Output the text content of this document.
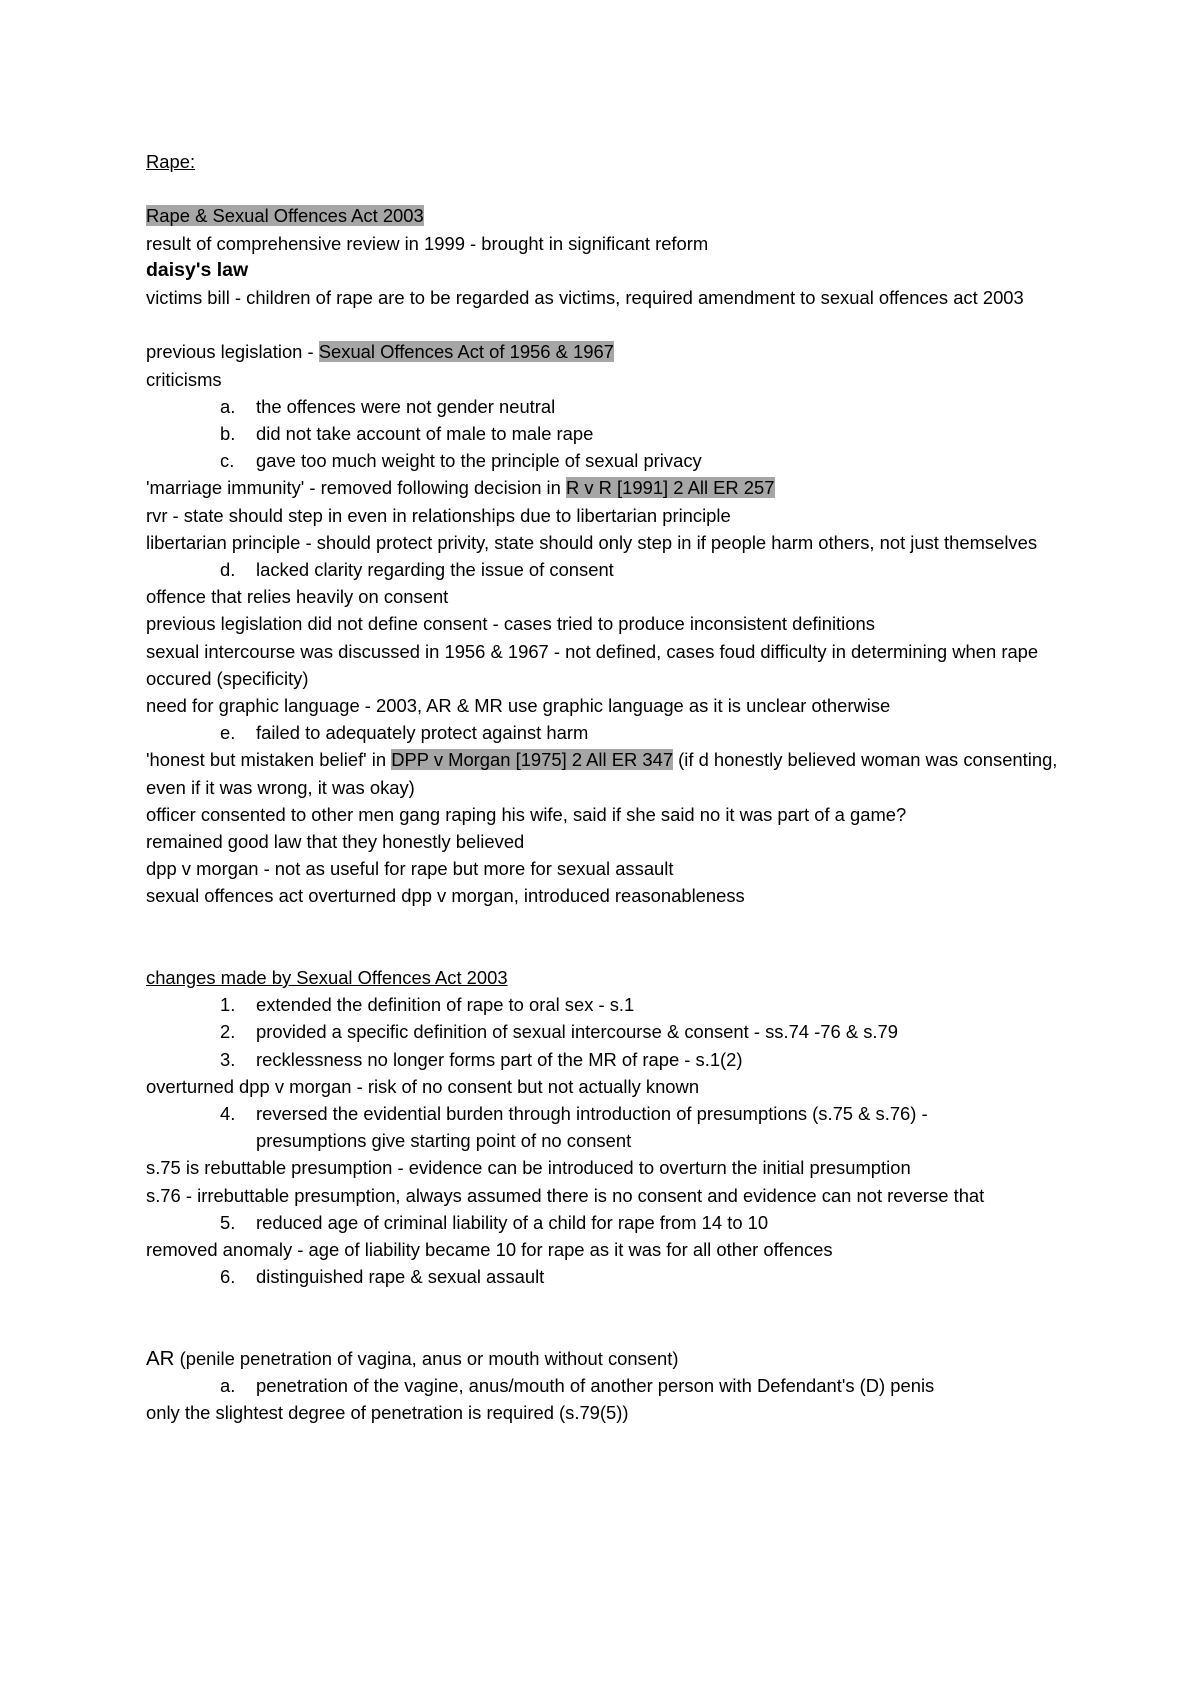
Rape:
Rape & Sexual Offences Act 2003
result of comprehensive review in 1999 - brought in significant reform
daisy's law
victims bill - children of rape are to be regarded as victims, required amendment to sexual offences act 2003
previous legislation - Sexual Offences Act of 1956 & 1967
criticisms
a. the offences were not gender neutral
b. did not take account of male to male rape
c. gave too much weight to the principle of sexual privacy
'marriage immunity' - removed following decision in R v R [1991] 2 All ER 257
rvr - state should step in even in relationships due to libertarian principle
libertarian principle - should protect privity, state should only step in if people harm others, not just themselves
d. lacked clarity regarding the issue of consent
offence that relies heavily on consent
previous legislation did not define consent - cases tried to produce inconsistent definitions
sexual intercourse was discussed in 1956 & 1967 - not defined, cases foud difficulty in determining when rape occured (specificity)
need for graphic language - 2003, AR & MR use graphic language as it is unclear otherwise
e. failed to adequately protect against harm
'honest but mistaken belief' in DPP v Morgan [1975] 2 All ER 347 (if d honestly believed woman was consenting, even if it was wrong, it was okay)
officer consented to other men gang raping his wife, said if she said no it was part of a game?
remained good law that they honestly believed
dpp v morgan - not as useful for rape but more for sexual assault
sexual offences act overturned dpp v morgan, introduced reasonableness
changes made by Sexual Offences Act 2003
1. extended the definition of rape to oral sex - s.1
2. provided a specific definition of sexual intercourse & consent - ss.74 -76 & s.79
3. recklessness no longer forms part of the MR of rape - s.1(2)
overturned dpp v morgan - risk of no consent but not actually known
4. reversed the evidential burden through introduction of presumptions (s.75 & s.76) - presumptions give starting point of no consent
s.75 is rebuttable presumption - evidence can be introduced to overturn the initial presumption
s.76 - irrebuttable presumption, always assumed there is no consent and evidence can not reverse that
5. reduced age of criminal liability of a child for rape from 14 to 10
removed anomaly - age of liability became 10 for rape as it was for all other offences
6. distinguished rape & sexual assault
AR (penile penetration of vagina, anus or mouth without consent)
a. penetration of the vagine, anus/mouth of another person with Defendant's (D) penis
only the slightest degree of penetration is required (s.79(5))
